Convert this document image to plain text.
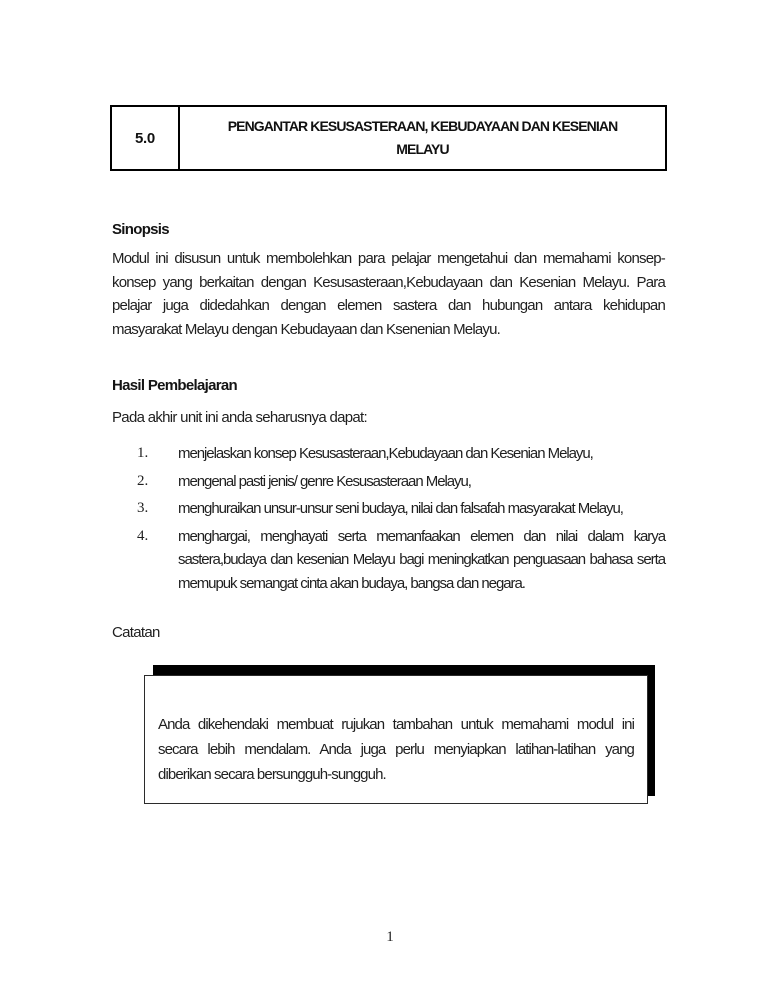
5.0
PENGANTAR KESUSASTERAAN, KEBUDAYAAN DAN KESENIAN
MELAYU
Sinopsis
Modul ini disusun untuk membolehkan para pelajar mengetahui dan memahami konsep-konsep yang berkaitan dengan Kesusasteraan,Kebudayaan dan Kesenian Melayu. Para pelajar juga didedahkan dengan elemen sastera dan hubungan antara kehidupan masyarakat Melayu dengan Kebudayaan dan Ksenenian Melayu.
Hasil Pembelajaran
Pada akhir unit ini anda seharusnya dapat:
1.	menjelaskan konsep Kesusasteraan,Kebudayaan dan Kesenian Melayu,
2.	mengenal pasti jenis/ genre Kesusasteraan Melayu,
3.	menghuraikan unsur-unsur seni budaya, nilai dan falsafah masyarakat Melayu,
4.	menghargai, menghayati serta memanfaakan elemen dan nilai dalam karya sastera,budaya dan kesenian Melayu bagi meningkatkan penguasaan bahasa serta memupuk semangat cinta akan budaya, bangsa dan negara.
Catatan
Anda dikehendaki membuat rujukan tambahan untuk memahami modul ini secara lebih mendalam. Anda juga perlu menyiapkan latihan-latihan yang diberikan secara bersungguh-sungguh.
1
